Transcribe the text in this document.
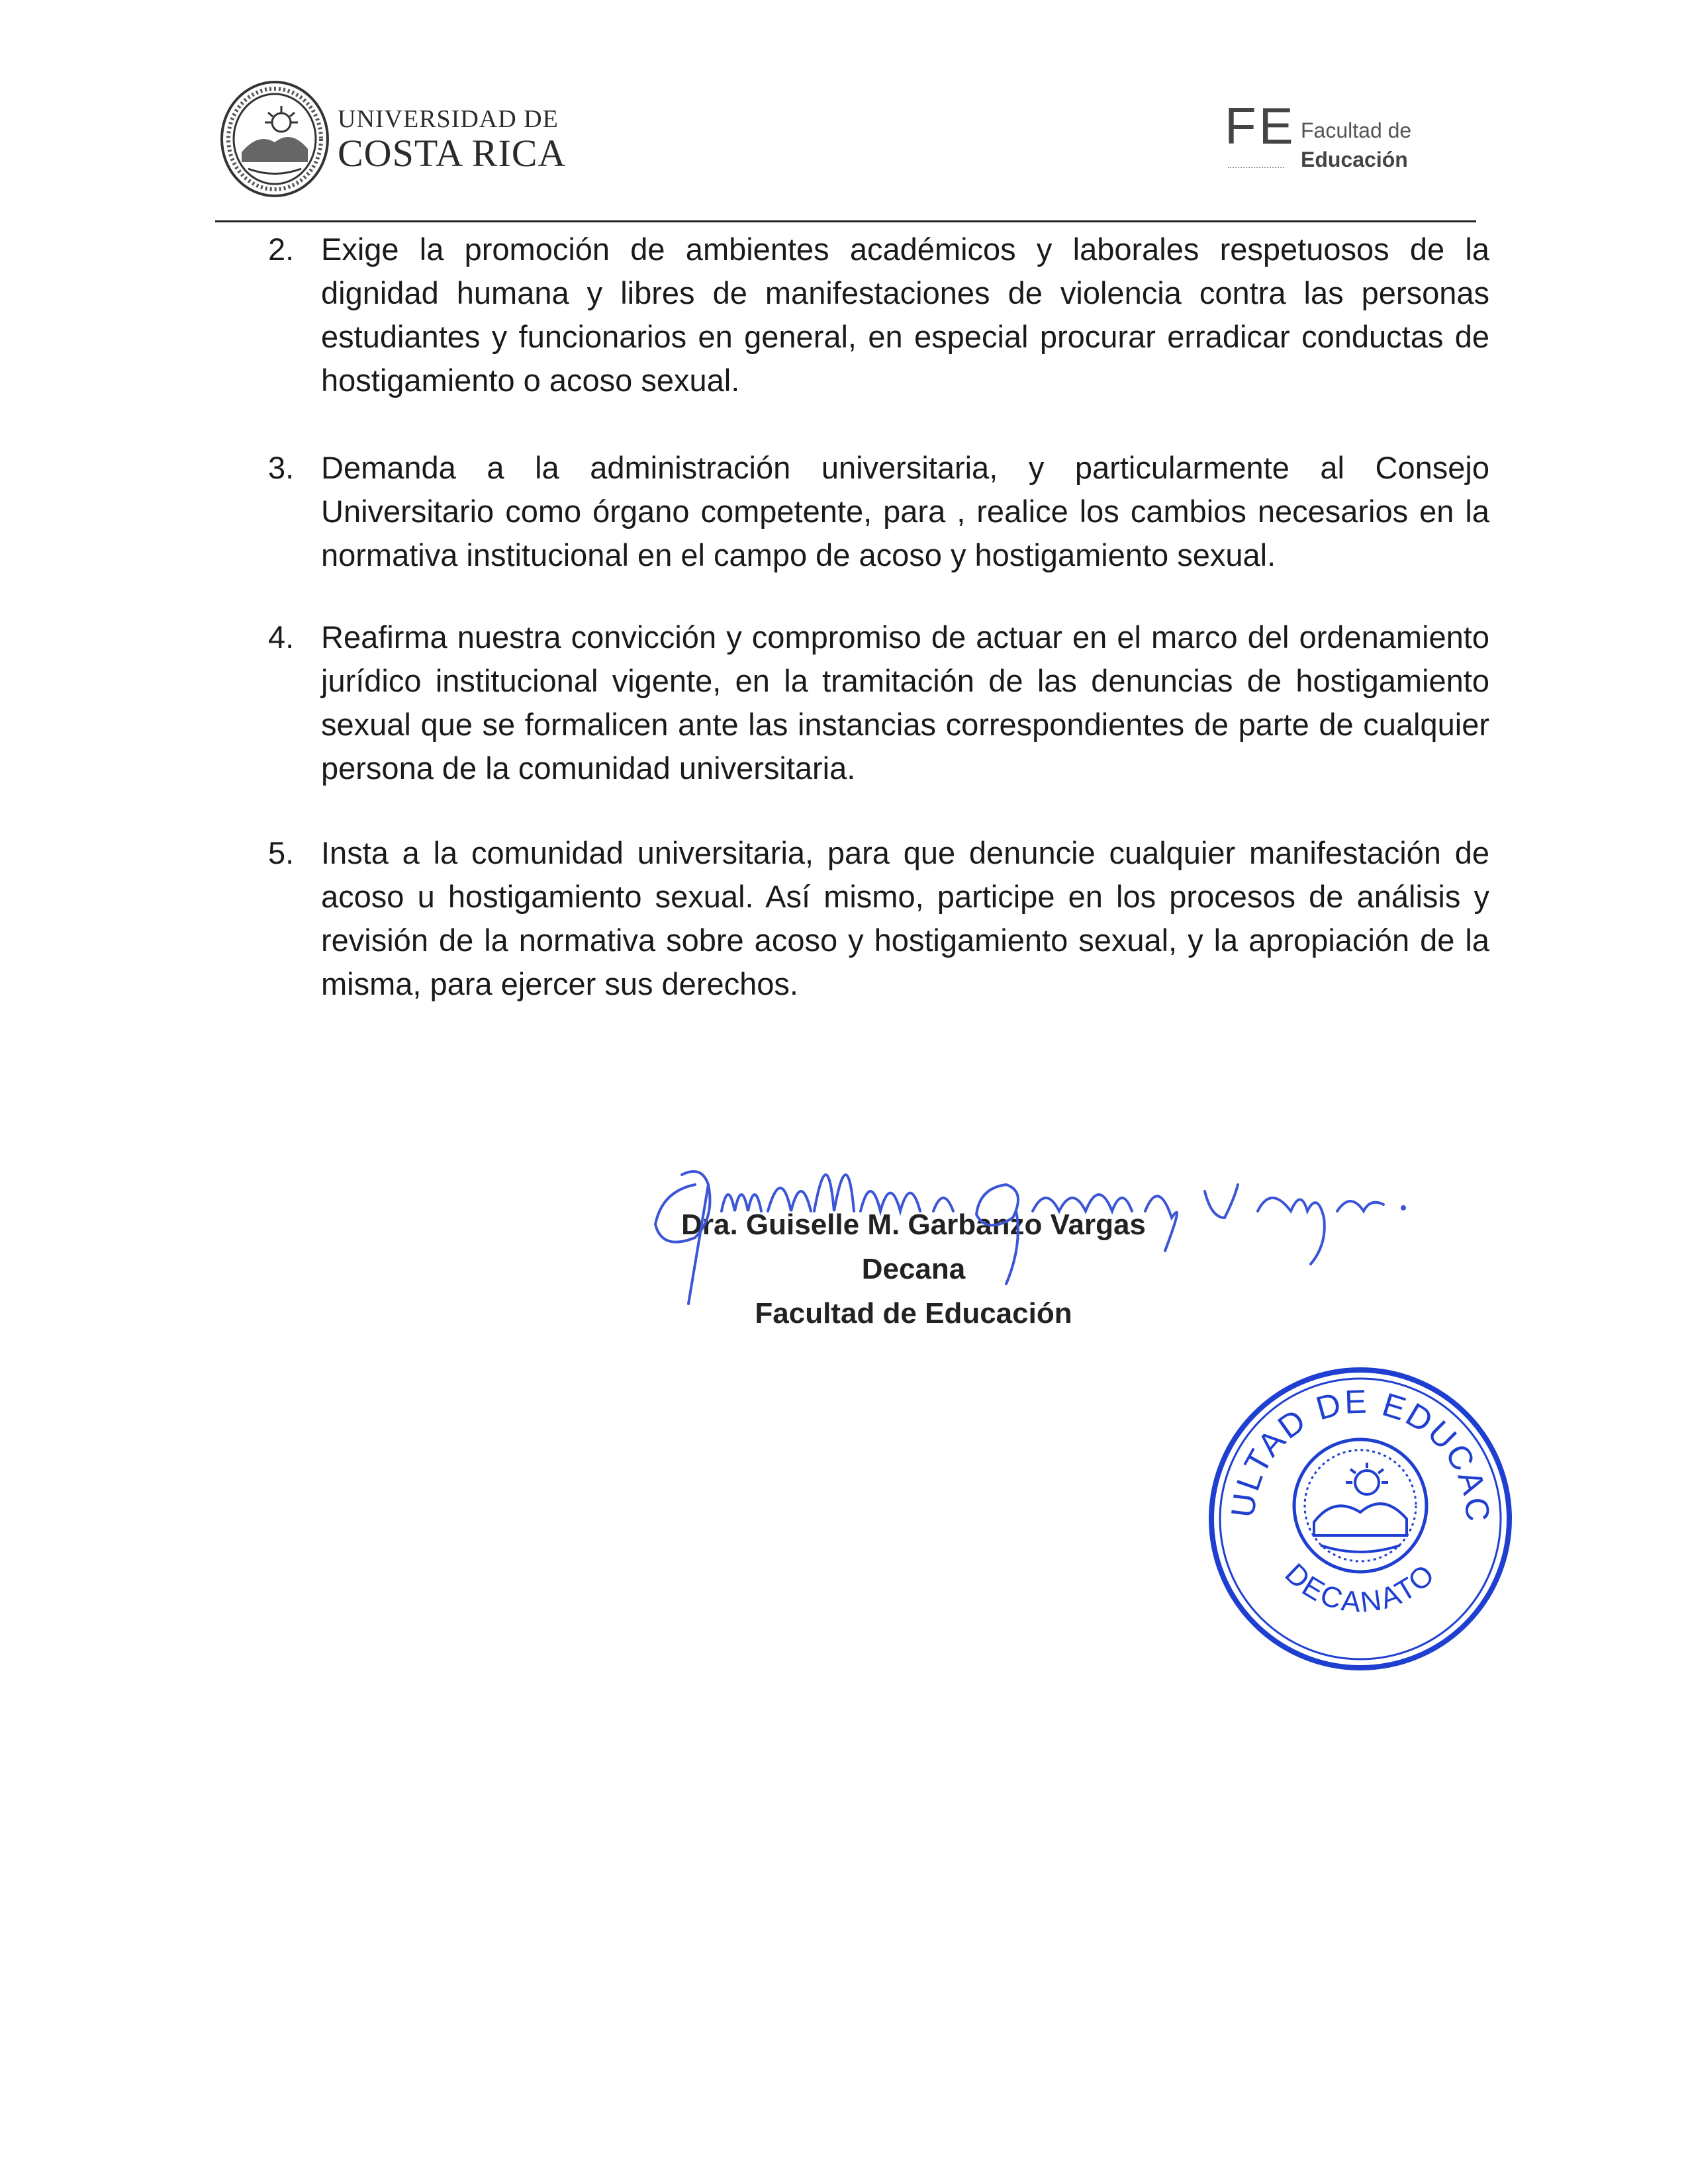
UNIVERSIDAD DE
COSTA RICA	FE Facultad de
Educación
2. Exige la promoción de ambientes académicos y laborales respetuosos de la dignidad humana y libres de manifestaciones de violencia contra las personas estudiantes y funcionarios en general, en especial procurar erradicar conductas de hostigamiento o acoso sexual.
3. Demanda a la administración universitaria, y particularmente al Consejo Universitario como órgano competente, para , realice los cambios necesarios en la normativa institucional en el campo de acoso y hostigamiento sexual.
4. Reafirma nuestra convicción y compromiso de actuar en el marco del ordenamiento jurídico institucional vigente, en la tramitación de las denuncias de hostigamiento sexual que se formalicen ante las instancias correspondientes de parte de cualquier persona de la comunidad universitaria.
5. Insta a la comunidad universitaria, para que denuncie cualquier manifestación de acoso u hostigamiento sexual. Así mismo, participe en los procesos de análisis y revisión de la normativa sobre acoso y hostigamiento sexual, y la apropiación de la misma, para ejercer sus derechos.
Dra. Guiselle M. Garbanzo Vargas
Decana
Facultad de Educación
ULTAD DE EDUCAC
DECANATO
